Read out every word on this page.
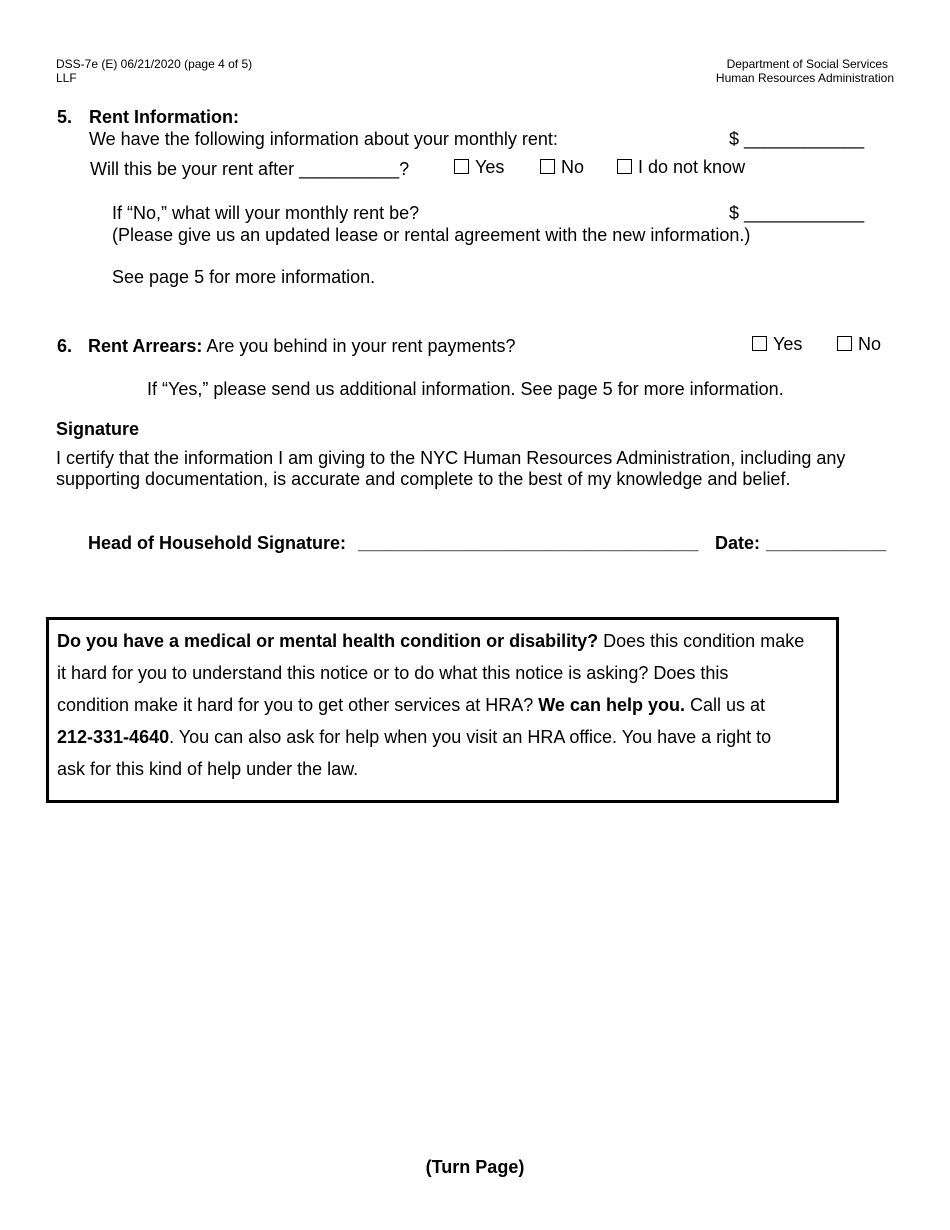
DSS-7e (E) 06/21/2020 (page 4 of 5)
LLF
Department of Social Services
Human Resources Administration
5. Rent Information:
We have the following information about your monthly rent:	$ ____________
Will this be your rent after __________?	Yes	No	I do not know
If “No,” what will your monthly rent be?	$ ____________
(Please give us an updated lease or rental agreement with the new information.)
See page 5 for more information.
6. Rent Arrears: Are you behind in your rent payments?	Yes	No
If “Yes,” please send us additional information. See page 5 for more information.
Signature
I certify that the information I am giving to the NYC Human Resources Administration, including any
supporting documentation, is accurate and complete to the best of my knowledge and belief.
Head of Household Signature: __________________________________ Date: ____________
Do you have a medical or mental health condition or disability? Does this condition make
it hard for you to understand this notice or to do what this notice is asking? Does this
condition make it hard for you to get other services at HRA? We can help you. Call us at
212-331-4640. You can also ask for help when you visit an HRA office. You have a right to
ask for this kind of help under the law.
(Turn Page)
